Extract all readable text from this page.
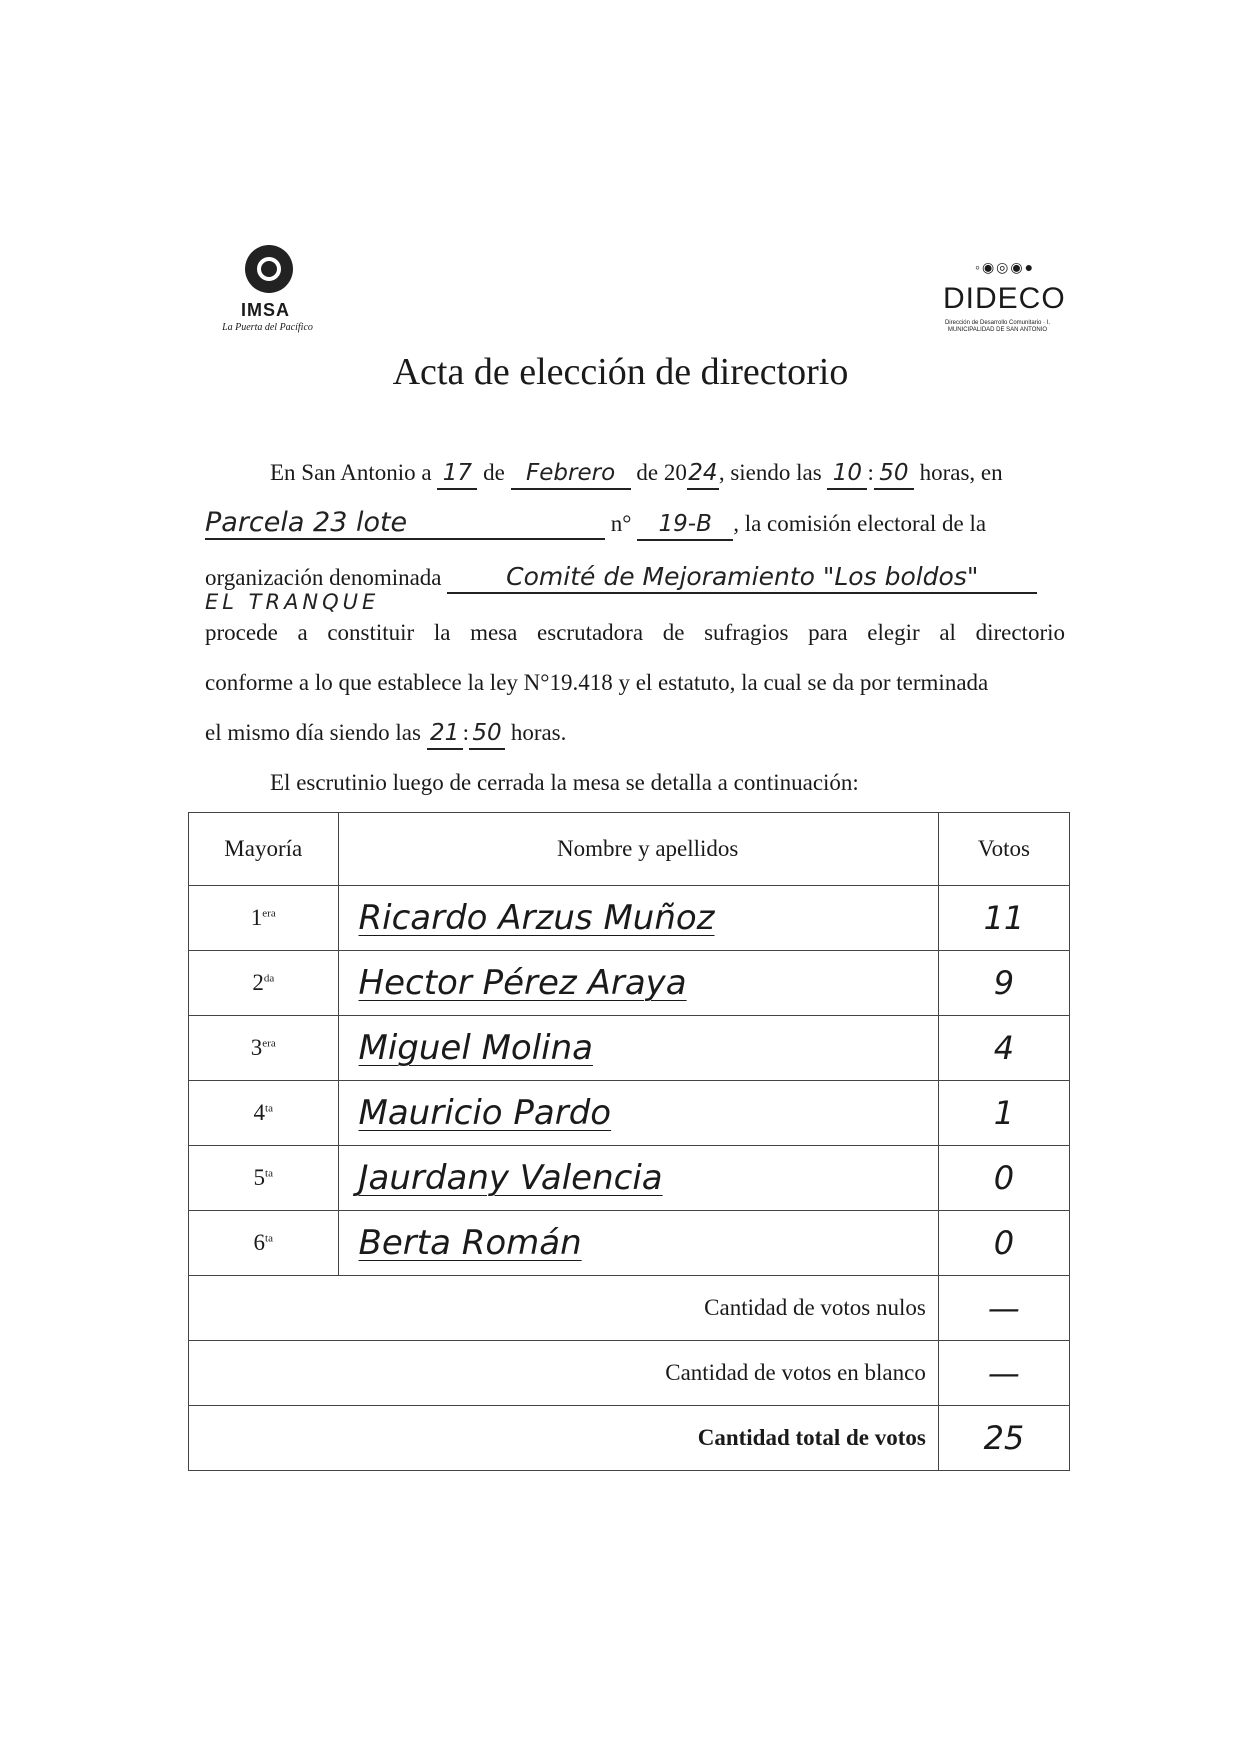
IMSA
La Puerta del Pacífico
◦◉◎◉●
DIDECO
Dirección de Desarrollo Comunitario · I. MUNICIPALIDAD DE SAN ANTONIO
Acta de elección de directorio
En San Antonio a 17 de Febrero de 2024, siendo las 10 : 50 horas, en
Parcela 23 lote	n° 19-B , la comisión electoral de la
organización denominada	Comité de Mejoramiento "Los boldos"
EL TRANQUE
procede a constituir la mesa escrutadora de sufragios para elegir al directorio
conforme a lo que establece la ley N°19.418 y el estatuto, la cual se da por terminada
el mismo día siendo las 21 : 50 horas.
El escrutinio luego de cerrada la mesa se detalla a continuación:
Mayoría	Nombre y apellidos	Votos
$1^{era}$	Ricardo Arzus Muñoz	11
$2^{da}$	Hector Pérez Araya	9
$3^{era}$	Miguel Molina	4
$4^{ta}$	Mauricio Pardo	1
$5^{ta}$	Jaurdany Valencia	0
$6^{ta}$	Berta Román	0
Cantidad de votos nulos		—
Cantidad de votos en blanco		—
Cantidad total de votos		25
